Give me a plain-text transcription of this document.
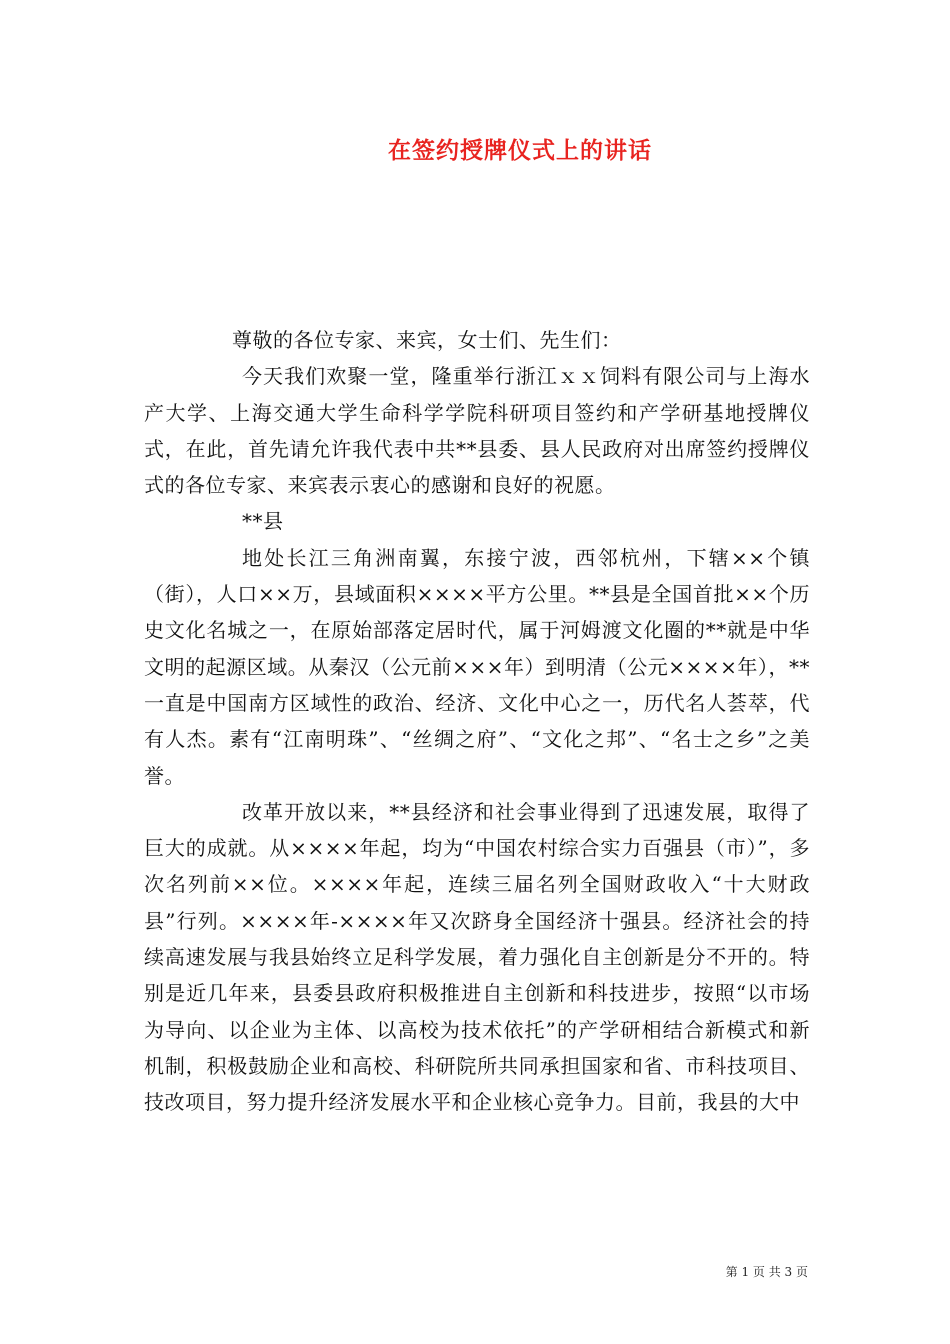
在签约授牌仪式上的讲话

尊敬的各位专家、来宾，女士们、先生们：

今天我们欢聚一堂，隆重举行浙江ｘｘ饲料有限公司与上海水产大学、上海交通大学生命科学学院科研项目签约和产学研基地授牌仪式，在此，首先请允许我代表中共**县委、县人民政府对出席签约授牌仪式的各位专家、来宾表示衷心的感谢和良好的祝愿。

**县

地处长江三角洲南翼，东接宁波，西邻杭州，下辖××个镇（街），人口××万，县域面积××××平方公里。**县是全国首批××个历史文化名城之一，在原始部落定居时代，属于河姆渡文化圈的**就是中华文明的起源区域。从秦汉（公元前×××年）到明清（公元××××年），**一直是中国南方区域性的政治、经济、文化中心之一，历代名人荟萃，代有人杰。素有“江南明珠”、“丝绸之府”、“文化之邦”、“名士之乡”之美誉。

改革开放以来，**县经济和社会事业得到了迅速发展，取得了巨大的成就。从××××年起，均为“中国农村综合实力百强县（市）”，多次名列前××位。××××年起，连续三届名列全国财政收入“十大财政县”行列。××××年-××××年又次跻身全国经济十强县。经济社会的持续高速发展与我县始终立足科学发展，着力强化自主创新是分不开的。特别是近几年来，县委县政府积极推进自主创新和科技进步，按照“以市场为导向、以企业为主体、以高校为技术依托”的产学研相结合新模式和新机制，积极鼓励企业和高校、科研院所共同承担国家和省、市科技项目、技改项目，努力提升经济发展水平和企业核心竞争力。目前，我县的大中

第 1 页 共 3 页
